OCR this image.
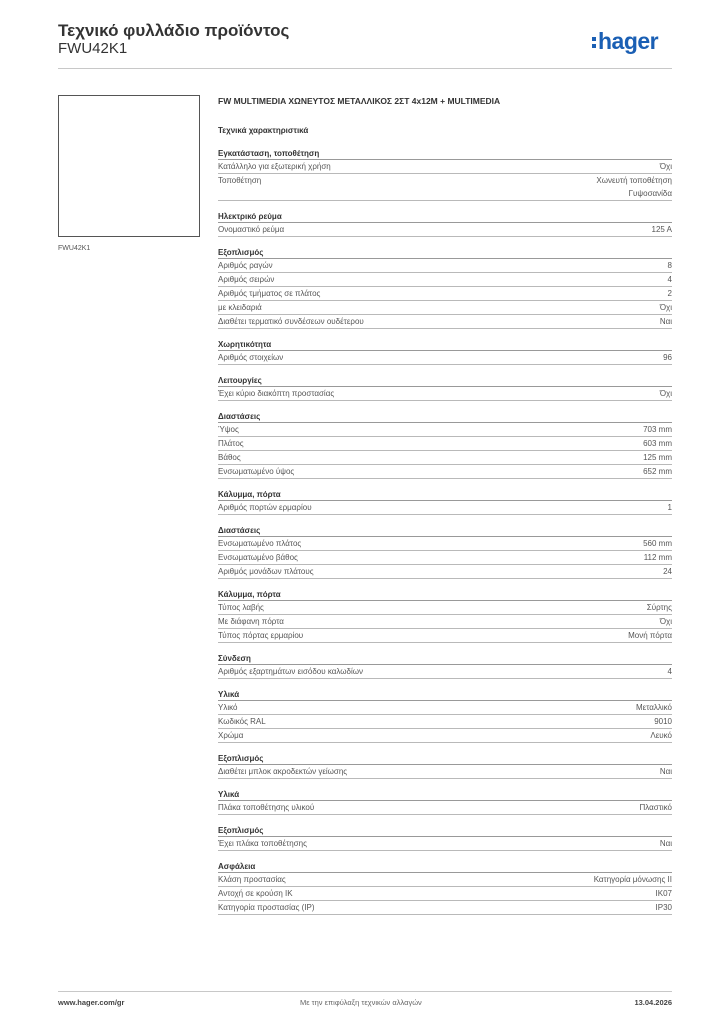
Τεχνικό φυλλάδιο προϊόντος
FWU42K1	hager
FWU42K1
FW MULTIMEDIA ΧΩΝΕΥΤΟΣ ΜΕΤΑΛΛΙΚΟΣ 2ΣΤ 4x12M + MULTIMEDIA
Τεχνικά χαρακτηριστικά
Εγκατάσταση, τοποθέτηση
Κατάλληλο για εξωτερική χρήση	Όχι
Τοποθέτηση	Χωνευτή τοποθέτηση
Γυψοσανίδα
Ηλεκτρικό ρεύμα
Ονομαστικό ρεύμα	125 A
Εξοπλισμός
Αριθμός ραγών	8
Αριθμός σειρών	4
Αριθμός τμήματος σε πλάτος	2
με κλειδαριά	Όχι
Διαθέτει τερματικό συνδέσεων ουδέτερου	Ναι
Χωρητικότητα
Αριθμός στοιχείων	96
Λειτουργίες
Έχει κύριο διακόπτη προστασίας	Όχι
Διαστάσεις
Ύψος	703 mm
Πλάτος	603 mm
Βάθος	125 mm
Ενσωματωμένο ύψος	652 mm
Κάλυμμα, πόρτα
Αριθμός πορτών ερμαρίου	1
Διαστάσεις
Ενσωματωμένο πλάτος	560 mm
Ενσωματωμένο βάθος	112 mm
Αριθμός μονάδων πλάτους	24
Κάλυμμα, πόρτα
Τύπος λαβής	Σύρτης
Με διάφανη πόρτα	Όχι
Τύπος πόρτας ερμαρίου	Μονή πόρτα
Σύνδεση
Αριθμός εξαρτημάτων εισόδου καλωδίων	4
Υλικά
Υλικό	Μεταλλικό
Κωδικός RAL	9010
Χρώμα	Λευκό
Εξοπλισμός
Διαθέτει μπλοκ ακροδεκτών γείωσης	Ναι
Υλικά
Πλάκα τοποθέτησης υλικού	Πλαστικό
Εξοπλισμός
Έχει πλάκα τοποθέτησης	Ναι
Ασφάλεια
Κλάση προστασίας	Κατηγορία μόνωσης II
Αντοχή σε κρούση IK	IK07
Κατηγορία προστασίας (IP)	IP30
www.hager.com/gr	Με την επιφύλαξη τεχνικών αλλαγών	13.04.2026
